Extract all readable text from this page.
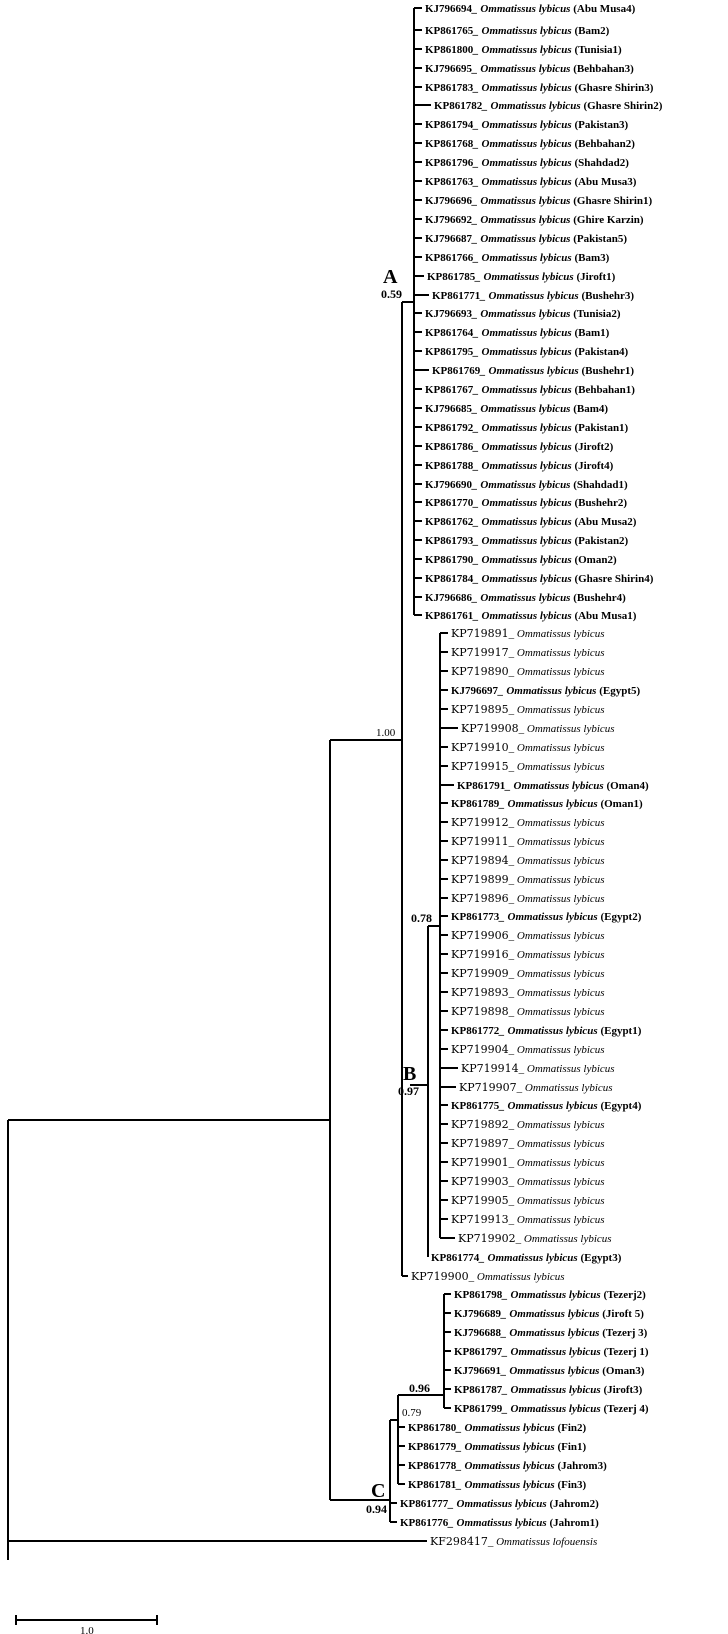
KJ796694_ Ommatissus lybicus (Abu Musa4)
KP861765_ Ommatissus lybicus (Bam2)
KP861800_ Ommatissus lybicus (Tunisia1)
KJ796695_ Ommatissus lybicus (Behbahan3)
KP861783_ Ommatissus lybicus (Ghasre Shirin3)
KP861782_ Ommatissus lybicus (Ghasre Shirin2)
KP861794_ Ommatissus lybicus (Pakistan3)
KP861768_ Ommatissus lybicus (Behbahan2)
KP861796_ Ommatissus lybicus (Shahdad2)
KP861763_ Ommatissus lybicus (Abu Musa3)
KJ796696_ Ommatissus lybicus (Ghasre Shirin1)
KJ796692_ Ommatissus lybicus (Ghire Karzin)
KJ796687_ Ommatissus lybicus (Pakistan5)
KP861766_ Ommatissus lybicus (Bam3)
KP861785_ Ommatissus lybicus (Jiroft1)
KP861771_ Ommatissus lybicus (Bushehr3)
KJ796693_ Ommatissus lybicus (Tunisia2)
KP861764_ Ommatissus lybicus (Bam1)
KP861795_ Ommatissus lybicus (Pakistan4)
KP861769_ Ommatissus lybicus (Bushehr1)
KP861767_ Ommatissus lybicus (Behbahan1)
KJ796685_ Ommatissus lybicus (Bam4)
KP861792_ Ommatissus lybicus (Pakistan1)
KP861786_ Ommatissus lybicus (Jiroft2)
KP861788_ Ommatissus lybicus (Jiroft4)
KJ796690_ Ommatissus lybicus (Shahdad1)
KP861770_ Ommatissus lybicus (Bushehr2)
KP861762_ Ommatissus lybicus (Abu Musa2)
KP861793_ Ommatissus lybicus (Pakistan2)
KP861790_ Ommatissus lybicus (Oman2)
KP861784_ Ommatissus lybicus (Ghasre Shirin4)
KJ796686_ Ommatissus lybicus (Bushehr4)
KP861761_ Ommatissus lybicus (Abu Musa1)
KP719891_ Ommatissus lybicus
KP719917_ Ommatissus lybicus
KP719890_ Ommatissus lybicus
KJ796697_ Ommatissus lybicus (Egypt5)
KP719895_ Ommatissus lybicus
KP719908_ Ommatissus lybicus
KP719910_ Ommatissus lybicus
KP719915_ Ommatissus lybicus
KP861791_ Ommatissus lybicus (Oman4)
KP861789_ Ommatissus lybicus (Oman1)
KP719912_ Ommatissus lybicus
KP719911_ Ommatissus lybicus
KP719894_ Ommatissus lybicus
KP719899_ Ommatissus lybicus
KP719896_ Ommatissus lybicus
KP861773_ Ommatissus lybicus (Egypt2)
KP719906_ Ommatissus lybicus
KP719916_ Ommatissus lybicus
KP719909_ Ommatissus lybicus
KP719893_ Ommatissus lybicus
KP719898_ Ommatissus lybicus
KP861772_ Ommatissus lybicus (Egypt1)
KP719904_ Ommatissus lybicus
KP719914_ Ommatissus lybicus
KP719907_ Ommatissus lybicus
KP861775_ Ommatissus lybicus (Egypt4)
KP719892_ Ommatissus lybicus
KP719897_ Ommatissus lybicus
KP719901_ Ommatissus lybicus
KP719903_ Ommatissus lybicus
KP719905_ Ommatissus lybicus
KP719913_ Ommatissus lybicus
KP719902_ Ommatissus lybicus
KP861774_ Ommatissus lybicus (Egypt3)
KP719900_ Ommatissus lybicus
KP861798_ Ommatissus lybicus (Tezerj2)
KJ796689_ Ommatissus lybicus (Jiroft 5)
KJ796688_ Ommatissus lybicus (Tezerj 3)
KP861797_ Ommatissus lybicus (Tezerj 1)
KJ796691_ Ommatissus lybicus (Oman3)
KP861787_ Ommatissus lybicus (Jiroft3)
KP861799_ Ommatissus lybicus (Tezerj 4)
KP861780_ Ommatissus lybicus (Fin2)
KP861779_ Ommatissus lybicus (Fin1)
KP861778_ Ommatissus lybicus (Jahrom3)
KP861781_ Ommatissus lybicus (Fin3)
KP861777_ Ommatissus lybicus (Jahrom2)
KP861776_ Ommatissus lybicus (Jahrom1)
KF298417_ Ommatissus lofouensis
A
0.59
B
0.97
C
0.94
1.00
0.78
0.96
0.79
1.0
